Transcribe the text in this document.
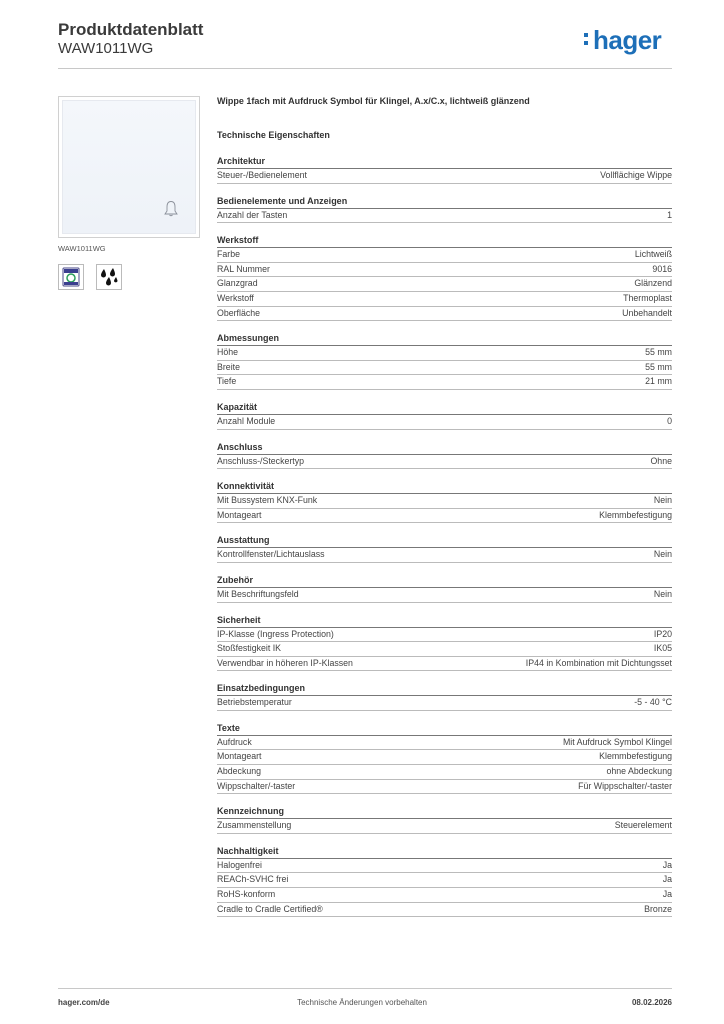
Produktdatenblatt
WAW1011WG	hager
WAW1011WG
Wippe 1fach mit Aufdruck Symbol für Klingel, A.x/C.x, lichtweiß glänzend
Technische Eigenschaften
Architektur
Steuer-/Bedienelement	Vollflächige Wippe
Bedienelemente und Anzeigen
Anzahl der Tasten	1
Werkstoff
Farbe	Lichtweiß
RAL Nummer	9016
Glanzgrad	Glänzend
Werkstoff	Thermoplast
Oberfläche	Unbehandelt
Abmessungen
Höhe	55 mm
Breite	55 mm
Tiefe	21 mm
Kapazität
Anzahl Module	0
Anschluss
Anschluss-/Steckertyp	Ohne
Konnektivität
Mit Bussystem KNX-Funk	Nein
Montageart	Klemmbefestigung
Ausstattung
Kontrollfenster/Lichtauslass	Nein
Zubehör
Mit Beschriftungsfeld	Nein
Sicherheit
IP-Klasse (Ingress Protection)	IP20
Stoßfestigkeit IK	IK05
Verwendbar in höheren IP-Klassen	IP44 in Kombination mit Dichtungsset
Einsatzbedingungen
Betriebstemperatur	-5 - 40 °C
Texte
Aufdruck	Mit Aufdruck Symbol Klingel
Montageart	Klemmbefestigung
Abdeckung	ohne Abdeckung
Wippschalter/-taster	Für Wippschalter/-taster
Kennzeichnung
Zusammenstellung	Steuerelement
Nachhaltigkeit
Halogenfrei	Ja
REACh-SVHC frei	Ja
RoHS-konform	Ja
Cradle to Cradle Certified®	Bronze
hager.com/de	Technische Änderungen vorbehalten	08.02.2026
